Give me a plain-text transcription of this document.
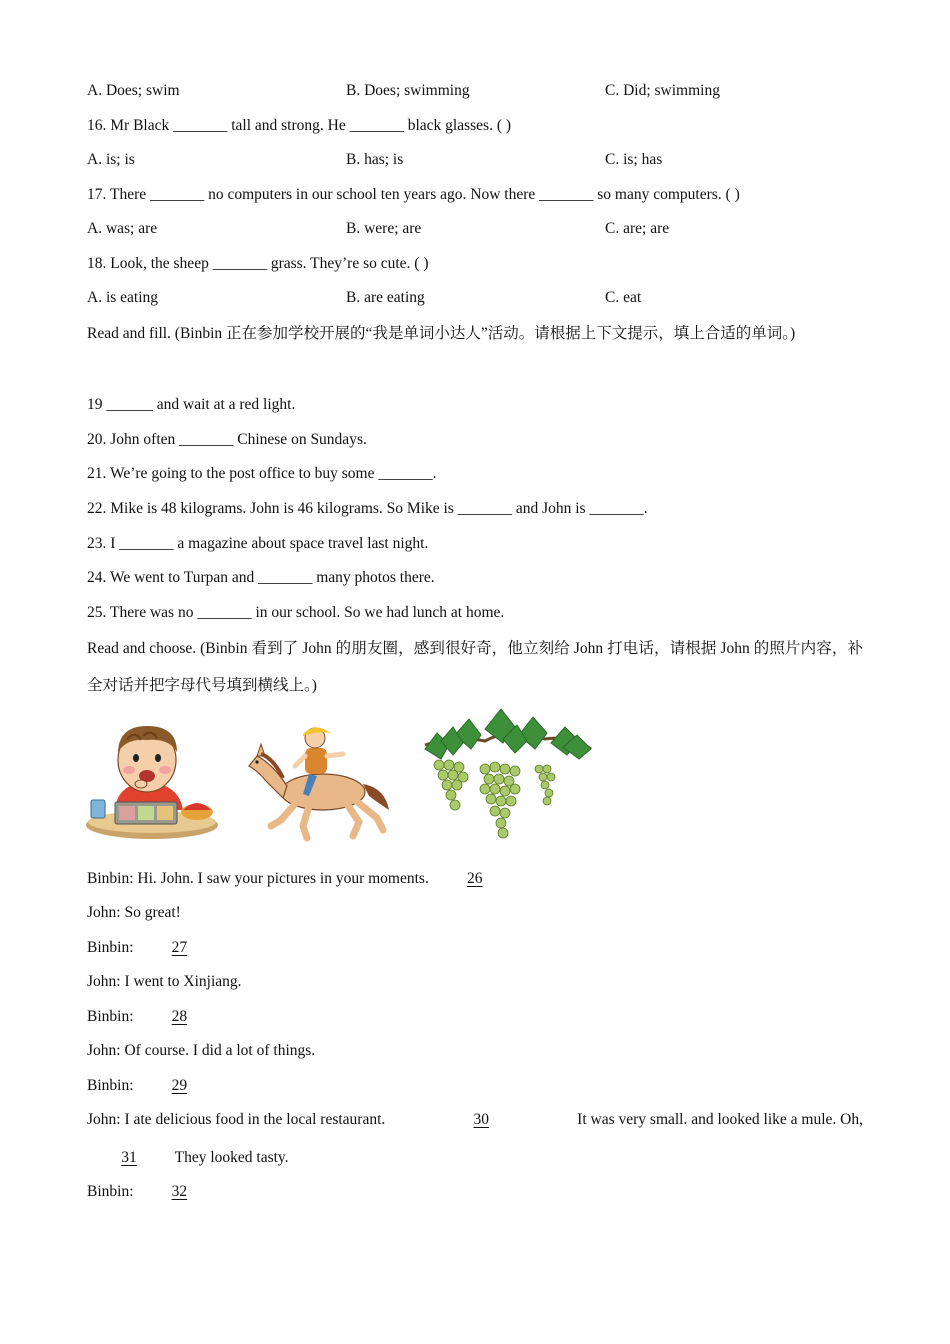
A. Does; swim	B. Does; swimming	C. Did; swimming
16. Mr Black _______ tall and strong. He _______ black glasses. ( )
A. is; is	B. has; is	C. is; has
17. There _______ no computers in our school ten years ago. Now there _______ so many computers. ( )
A. was; are	B. were; are	C. are; are
18. Look, the sheep _______ grass. They’re so cute. ( )
A. is eating	B. are eating	C. eat
Read and fill. (Binbin 正在参加学校开展的“我是单词小达人”活动。请根据上下文提示，填上合适的单词。)
19 ______ and wait at a red light.
20. John often _______ Chinese on Sundays.
21. We’re going to the post office to buy some _______.
22. Mike is 48 kilograms. John is 46 kilograms. So Mike is _______ and John is _______.
23. I _______ a magazine about space travel last night.
24. We went to Turpan and _______ many photos there.
25. There was no _______ in our school. So we had lunch at home.
Read and choose. (Binbin 看到了 John 的朋友圈，感到很好奇，他立刻给 John 打电话，请根据 John 的照片内容，补全对话并把字母代号填到横线上。)
Binbin: Hi. John. I saw your pictures in your moments. 26
John: So great!
Binbin: 27
John: I went to Xinjiang.
Binbin: 28
John: Of course. I did a lot of things.
Binbin: 29
John: I ate delicious food in the local restaurant.	30	It was very small. and looked like a mule. Oh,
31 They looked tasty.
Binbin: 32
